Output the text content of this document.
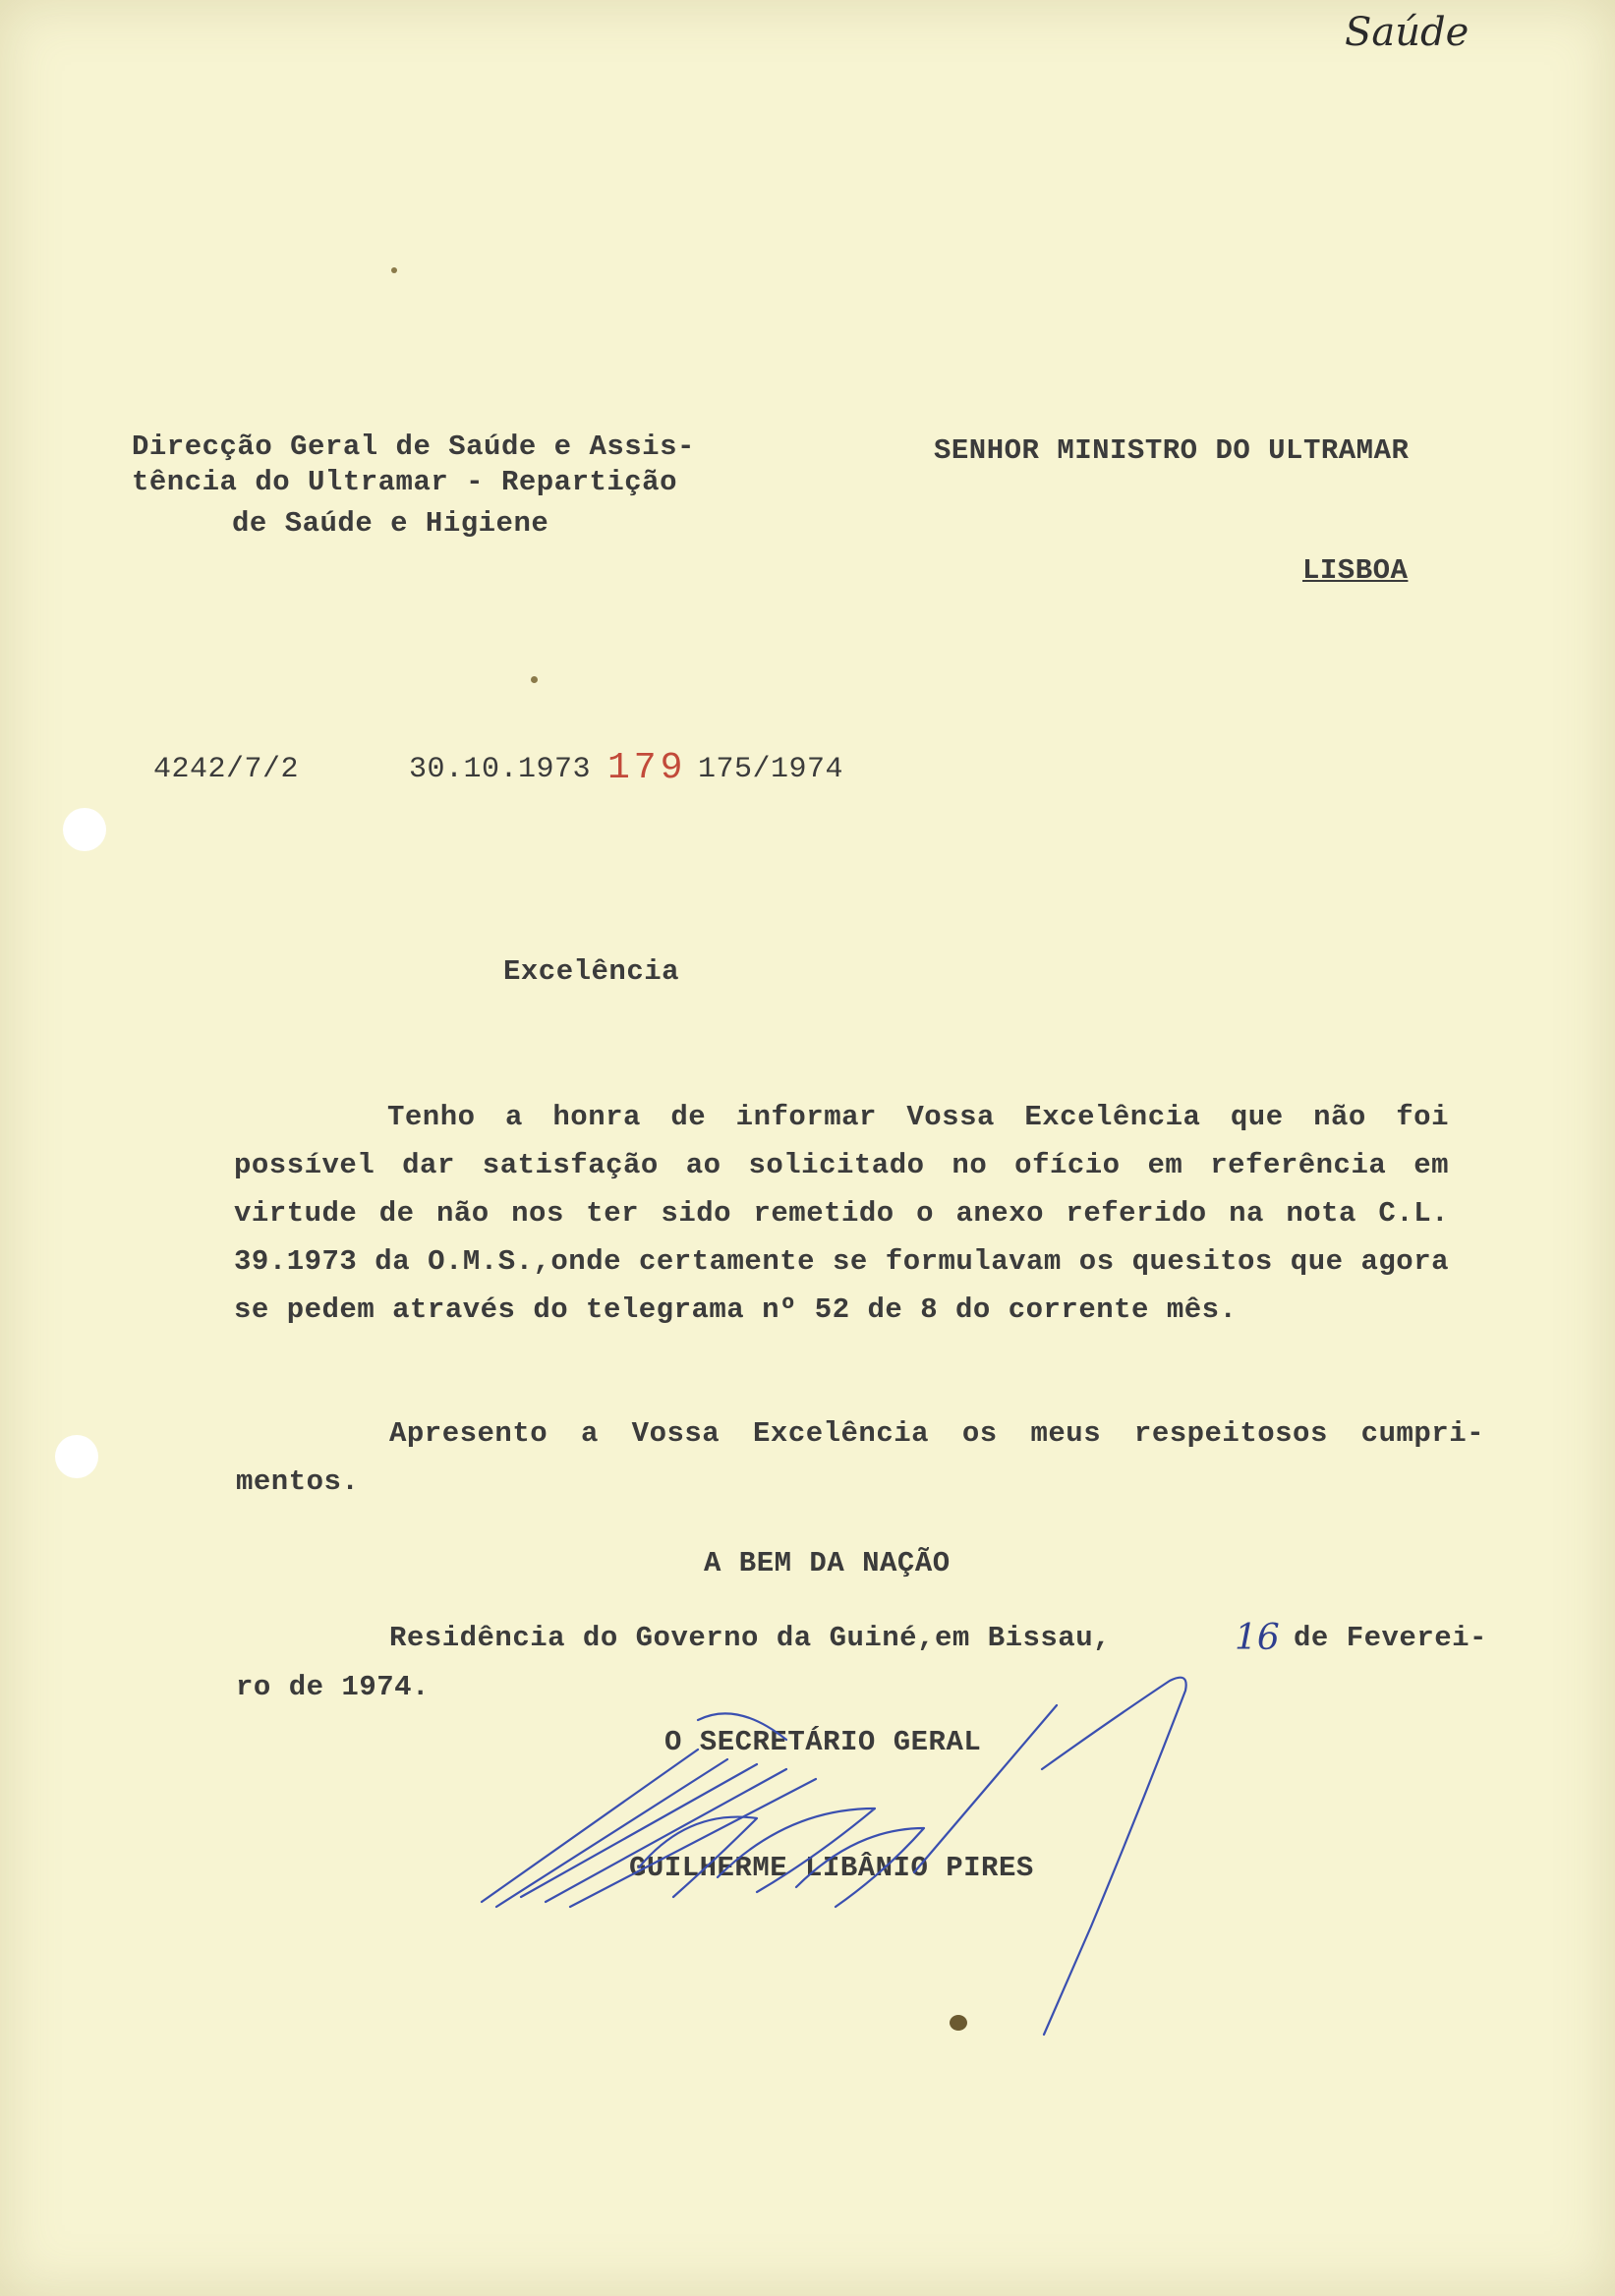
Saúde
Direcção Geral de Saúde e Assis-
tência do Ultramar - Repartição
de Saúde e Higiene
SENHOR MINISTRO DO ULTRAMAR
LISBOA
4242/7/2	30.10.1973 179 175/1974
Excelência
Tenho a honra de informar Vossa Excelência que não foi possível dar satisfação ao solicitado no ofício em referência em virtude de não nos ter sido remetido o anexo referido na nota C.L. 39.1973 da O.M.S.,onde certamente se formulavam os quesitos que agora se pedem através do telegrama nº 52 de 8 do corrente mês.
Apresento a Vossa Excelência os meus respeitosos cumpri- mentos.
A BEM DA NAÇÃO
Residência do Governo da Guiné,em Bissau,	16 de Feverei-
ro de 1974.
O SECRETÁRIO GERAL
GUILHERME LIBÂNIO PIRES
